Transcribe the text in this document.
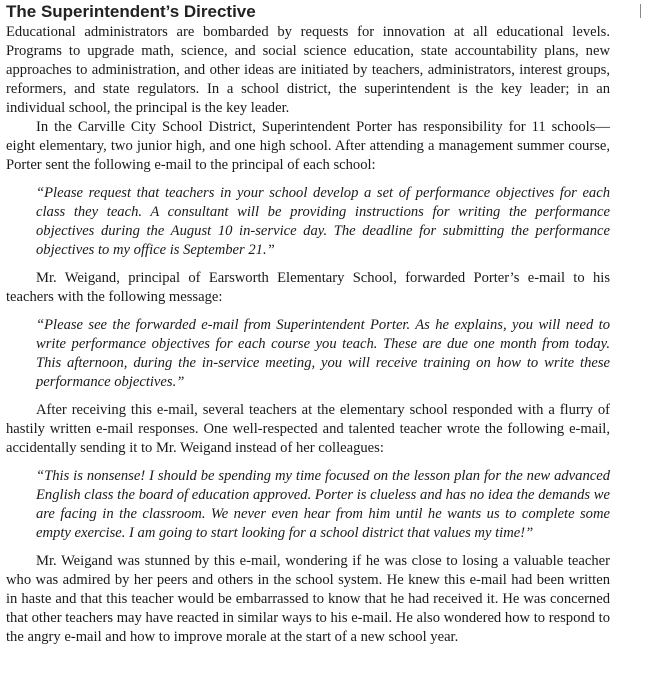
The Superintendent’s Directive

Educational administrators are bombarded by requests for innovation at all educational levels. Programs to upgrade math, science, and social science education, state accountability plans, new approaches to administration, and other ideas are initiated by teachers, administrators, interest groups, reformers, and state regulators. In a school district, the superintendent is the key leader; in an individual school, the principal is the key leader.

In the Carville City School District, Superintendent Porter has responsibility for 11 schools—eight elementary, two junior high, and one high school. After attending a management summer course, Porter sent the following e-mail to the principal of each school:

“Please request that teachers in your school develop a set of performance objectives for each class they teach. A consultant will be providing instructions for writing the performance objectives during the August 10 in-service day. The deadline for submitting the performance objectives to my office is September 21.”

Mr. Weigand, principal of Earsworth Elementary School, forwarded Porter’s e-mail to his teachers with the following message:

“Please see the forwarded e-mail from Superintendent Porter. As he explains, you will need to write performance objectives for each course you teach. These are due one month from today. This afternoon, during the in-service meeting, you will receive training on how to write these performance objectives.”

After receiving this e-mail, several teachers at the elementary school responded with a flurry of hastily written e-mail responses. One well-respected and talented teacher wrote the following e-mail, accidentally sending it to Mr. Weigand instead of her colleagues:

“This is nonsense! I should be spending my time focused on the lesson plan for the new advanced English class the board of education approved. Porter is clueless and has no idea the demands we are facing in the classroom. We never even hear from him until he wants us to complete some empty exercise. I am going to start looking for a school district that values my time!”

Mr. Weigand was stunned by this e-mail, wondering if he was close to losing a valuable teacher who was admired by her peers and others in the school system. He knew this e-mail had been written in haste and that this teacher would be embarrassed to know that he had received it. He was concerned that other teachers may have reacted in similar ways to his e-mail. He also wondered how to respond to the angry e-mail and how to improve morale at the start of a new school year.
